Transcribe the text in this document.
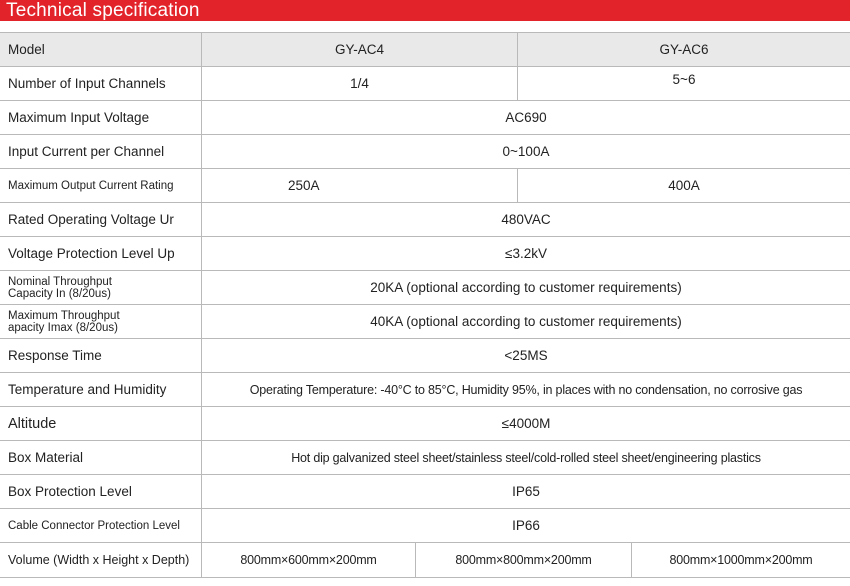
Technical specification
Model	GY-AC4	GY-AC6
Number of Input Channels	1/4	5~6
Maximum Input Voltage	AC690
Input Current per Channel	0~100A
Maximum Output Current Rating	250A	400A
Rated Operating Voltage Ur	480VAC
Voltage Protection Level Up	≤3.2kV
Nominal Throughput
Capacity In (8/20us)	20KA (optional according to customer requirements)
Maximum Throughput
apacity Imax (8/20us)	40KA (optional according to customer requirements)
Response Time	<25MS
Temperature and Humidity	Operating Temperature: -40°C to 85°C, Humidity 95%, in places with no condensation, no corrosive gas
Altitude	≤4000M
Box Material	Hot dip galvanized steel sheet/stainless steel/cold-rolled steel sheet/engineering plastics
Box Protection Level	IP65
Cable Connector Protection Level	IP66
Volume (Width x Height x Depth)	800mm×600mm×200mm	800mm×800mm×200mm	800mm×1000mm×200mm
